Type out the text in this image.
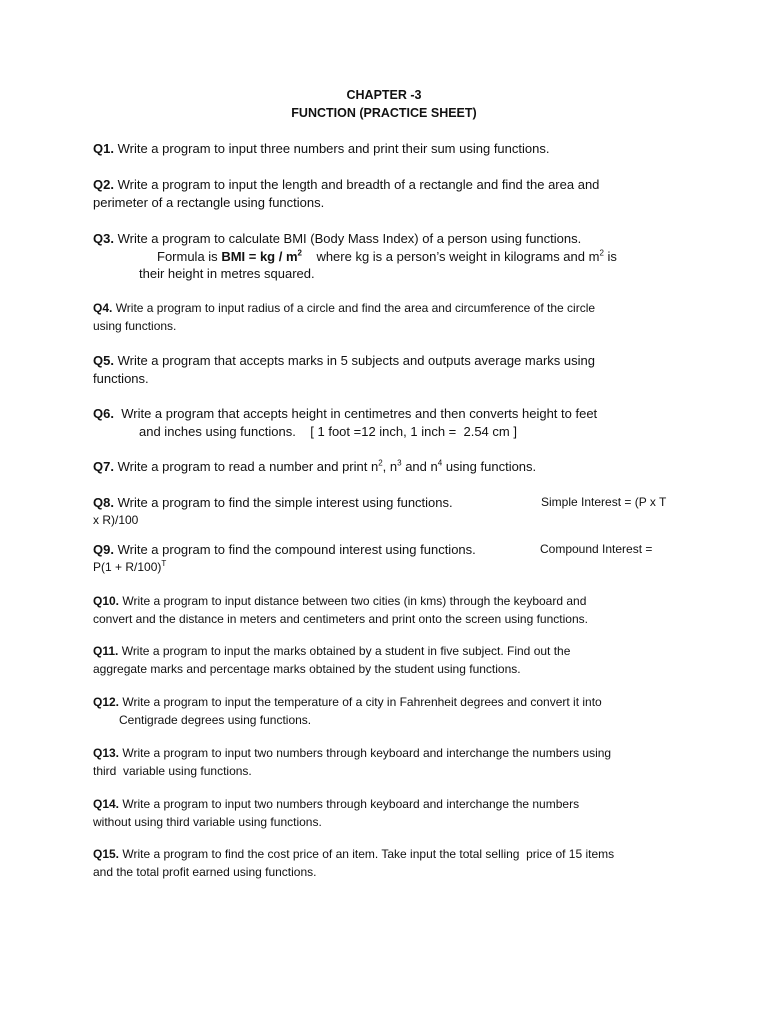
CHAPTER -3
FUNCTION (PRACTICE SHEET)
Q1. Write a program to input three numbers and print their sum using functions.
Q2. Write a program to input the length and breadth of a rectangle and find the area and
perimeter of a rectangle using functions.
Q3. Write a program to calculate BMI (Body Mass Index) of a person using functions.
Formula is BMI = kg / $m^2$ where kg is a person’s weight in kilograms and $m^2$ is
their height in metres squared.
Q4. Write a program to input radius of a circle and find the area and circumference of the circle
using functions.
Q5. Write a program that accepts marks in 5 subjects and outputs average marks using
functions.
Q6. Write a program that accepts height in centimetres and then converts height to feet
and inches using functions.    [ 1 foot =12 inch, 1 inch =  2.54 cm ]
Q7. Write a program to read a number and print $n^2$, $n^3$ and $n^4$ using functions.
Q8. Write a program to find the simple interest using functions.
x R)/100
Simple Interest = (P x T
Q9. Write a program to find the compound interest using functions.
$P(1 + R/100)^T$
Compound Interest =
Q10. Write a program to input distance between two cities (in kms) through the keyboard and
convert and the distance in meters and centimeters and print onto the screen using functions.
Q11. Write a program to input the marks obtained by a student in five subject. Find out the
aggregate marks and percentage marks obtained by the student using functions.
Q12. Write a program to input the temperature of a city in Fahrenheit degrees and convert it into
Centigrade degrees using functions.
Q13. Write a program to input two numbers through keyboard and interchange the numbers using
third  variable using functions.
Q14. Write a program to input two numbers through keyboard and interchange the numbers
without using third variable using functions.
Q15. Write a program to find the cost price of an item. Take input the total selling  price of 15 items
and the total profit earned using functions.
